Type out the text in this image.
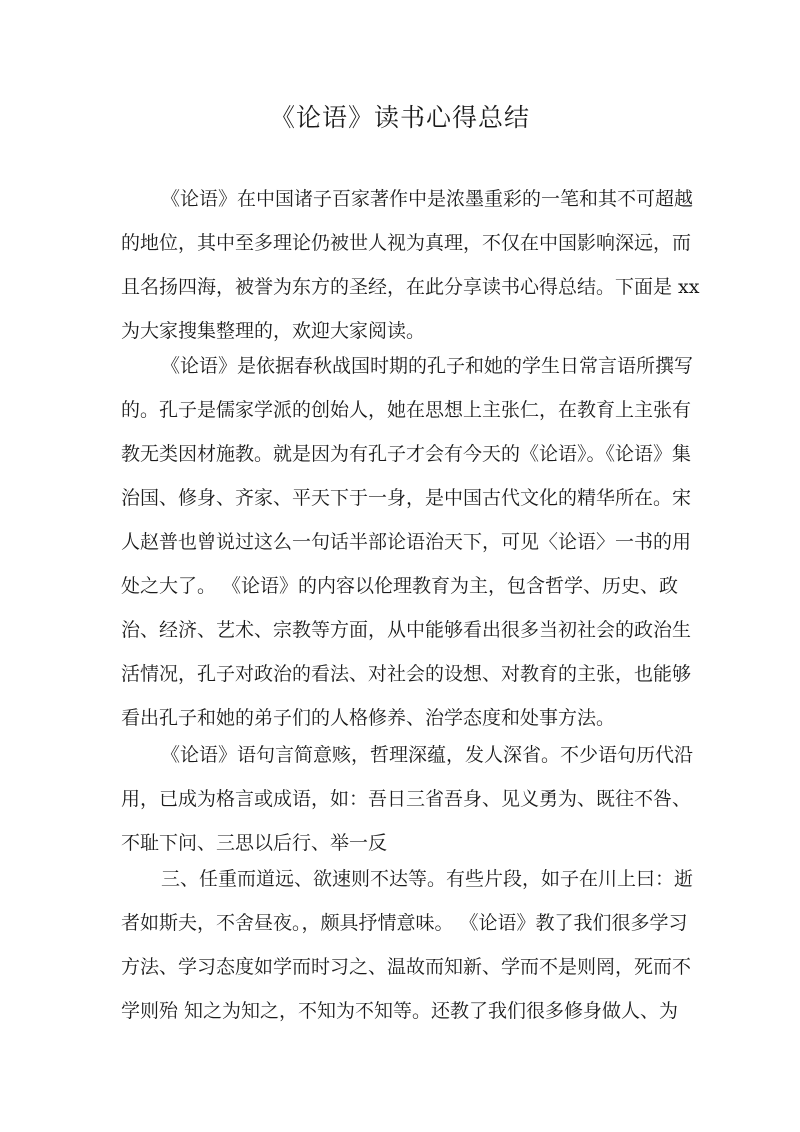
《论语》读书心得总结

《论语》在中国诸子百家著作中是浓墨重彩的一笔和其不可超越

的地位，其中至多理论仍被世人视为真理，不仅在中国影响深远，而

且名扬四海，被誉为东方的圣经，在此分享读书心得总结。下面是 xx

为大家搜集整理的，欢迎大家阅读。

《论语》是依据春秋战国时期的孔子和她的学生日常言语所撰写

的。孔子是儒家学派的创始人，她在思想上主张仁，在教育上主张有

教无类因材施教。就是因为有孔子才会有今天的《论语》。《论语》集

治国、修身、齐家、平天下于一身，是中国古代文化的精华所在。宋

人赵普也曾说过这么一句话半部论语治天下，可见〈论语〉一书的用

处之大了。 《论语》的内容以伦理教育为主，包含哲学、历史、政

治、经济、艺术、宗教等方面，从中能够看出很多当初社会的政治生

活情况，孔子对政治的看法、对社会的设想、对教育的主张，也能够

看出孔子和她的弟子们的人格修养、治学态度和处事方法。

《论语》语句言简意赅，哲理深蕴，发人深省。不少语句历代沿

用，已成为格言或成语，如：吾日三省吾身、见义勇为、既往不咎、

不耻下问、三思以后行、举一反

三、任重而道远、欲速则不达等。有些片段，如子在川上曰：逝

者如斯夫，不舍昼夜。，颇具抒情意味。 《论语》教了我们很多学习

方法、学习态度如学而时习之、温故而知新、学而不是则罔，死而不

学则殆 知之为知之，不知为不知等。还教了我们很多修身做人、为
